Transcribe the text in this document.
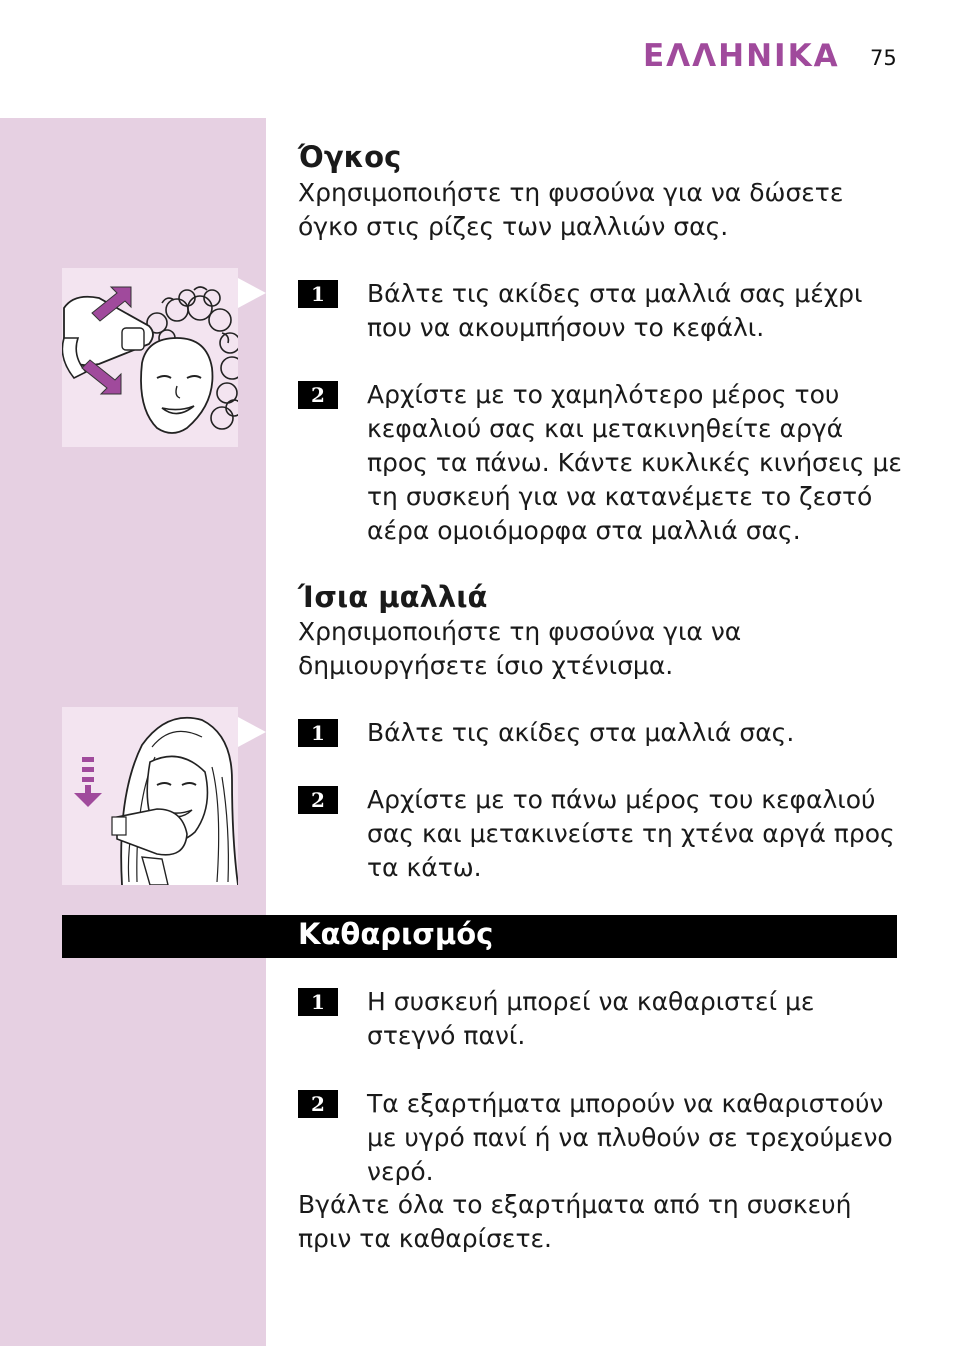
ΕΛΛΗΝΙΚΑ 75
Όγκος
Χρησιμοποιήστε τη φυσούνα για να δώσετε όγκο στις ρίζες των μαλλιών σας.
1	Βάλτε τις ακίδες στα μαλλιά σας μέχρι που να ακουμπήσουν το κεφάλι.
2	Αρχίστε με το χαμηλότερο μέρος του κεφαλιού σας και μετακινηθείτε αργά προς τα πάνω. Κάντε κυκλικές κινήσεις με τη συσκευή για να κατανέμετε το ζεστό αέρα ομοιόμορφα στα μαλλιά σας.
Ίσια μαλλιά
Χρησιμοποιήστε τη φυσούνα για να δημιουργήσετε ίσιο χτένισμα.
1	Βάλτε τις ακίδες στα μαλλιά σας.
2	Αρχίστε με το πάνω μέρος του κεφαλιού σας και μετακινείστε τη χτένα αργά προς τα κάτω.
Καθαρισμός
1	Η συσκευή μπορεί να καθαριστεί με στεγνό πανί.
2	Τα εξαρτήματα μπορούν να καθαριστούν με υγρό πανί ή να πλυθούν σε τρεχούμενο νερό.
Βγάλτε όλα το εξαρτήματα από τη συσκευή πριν τα καθαρίσετε.
